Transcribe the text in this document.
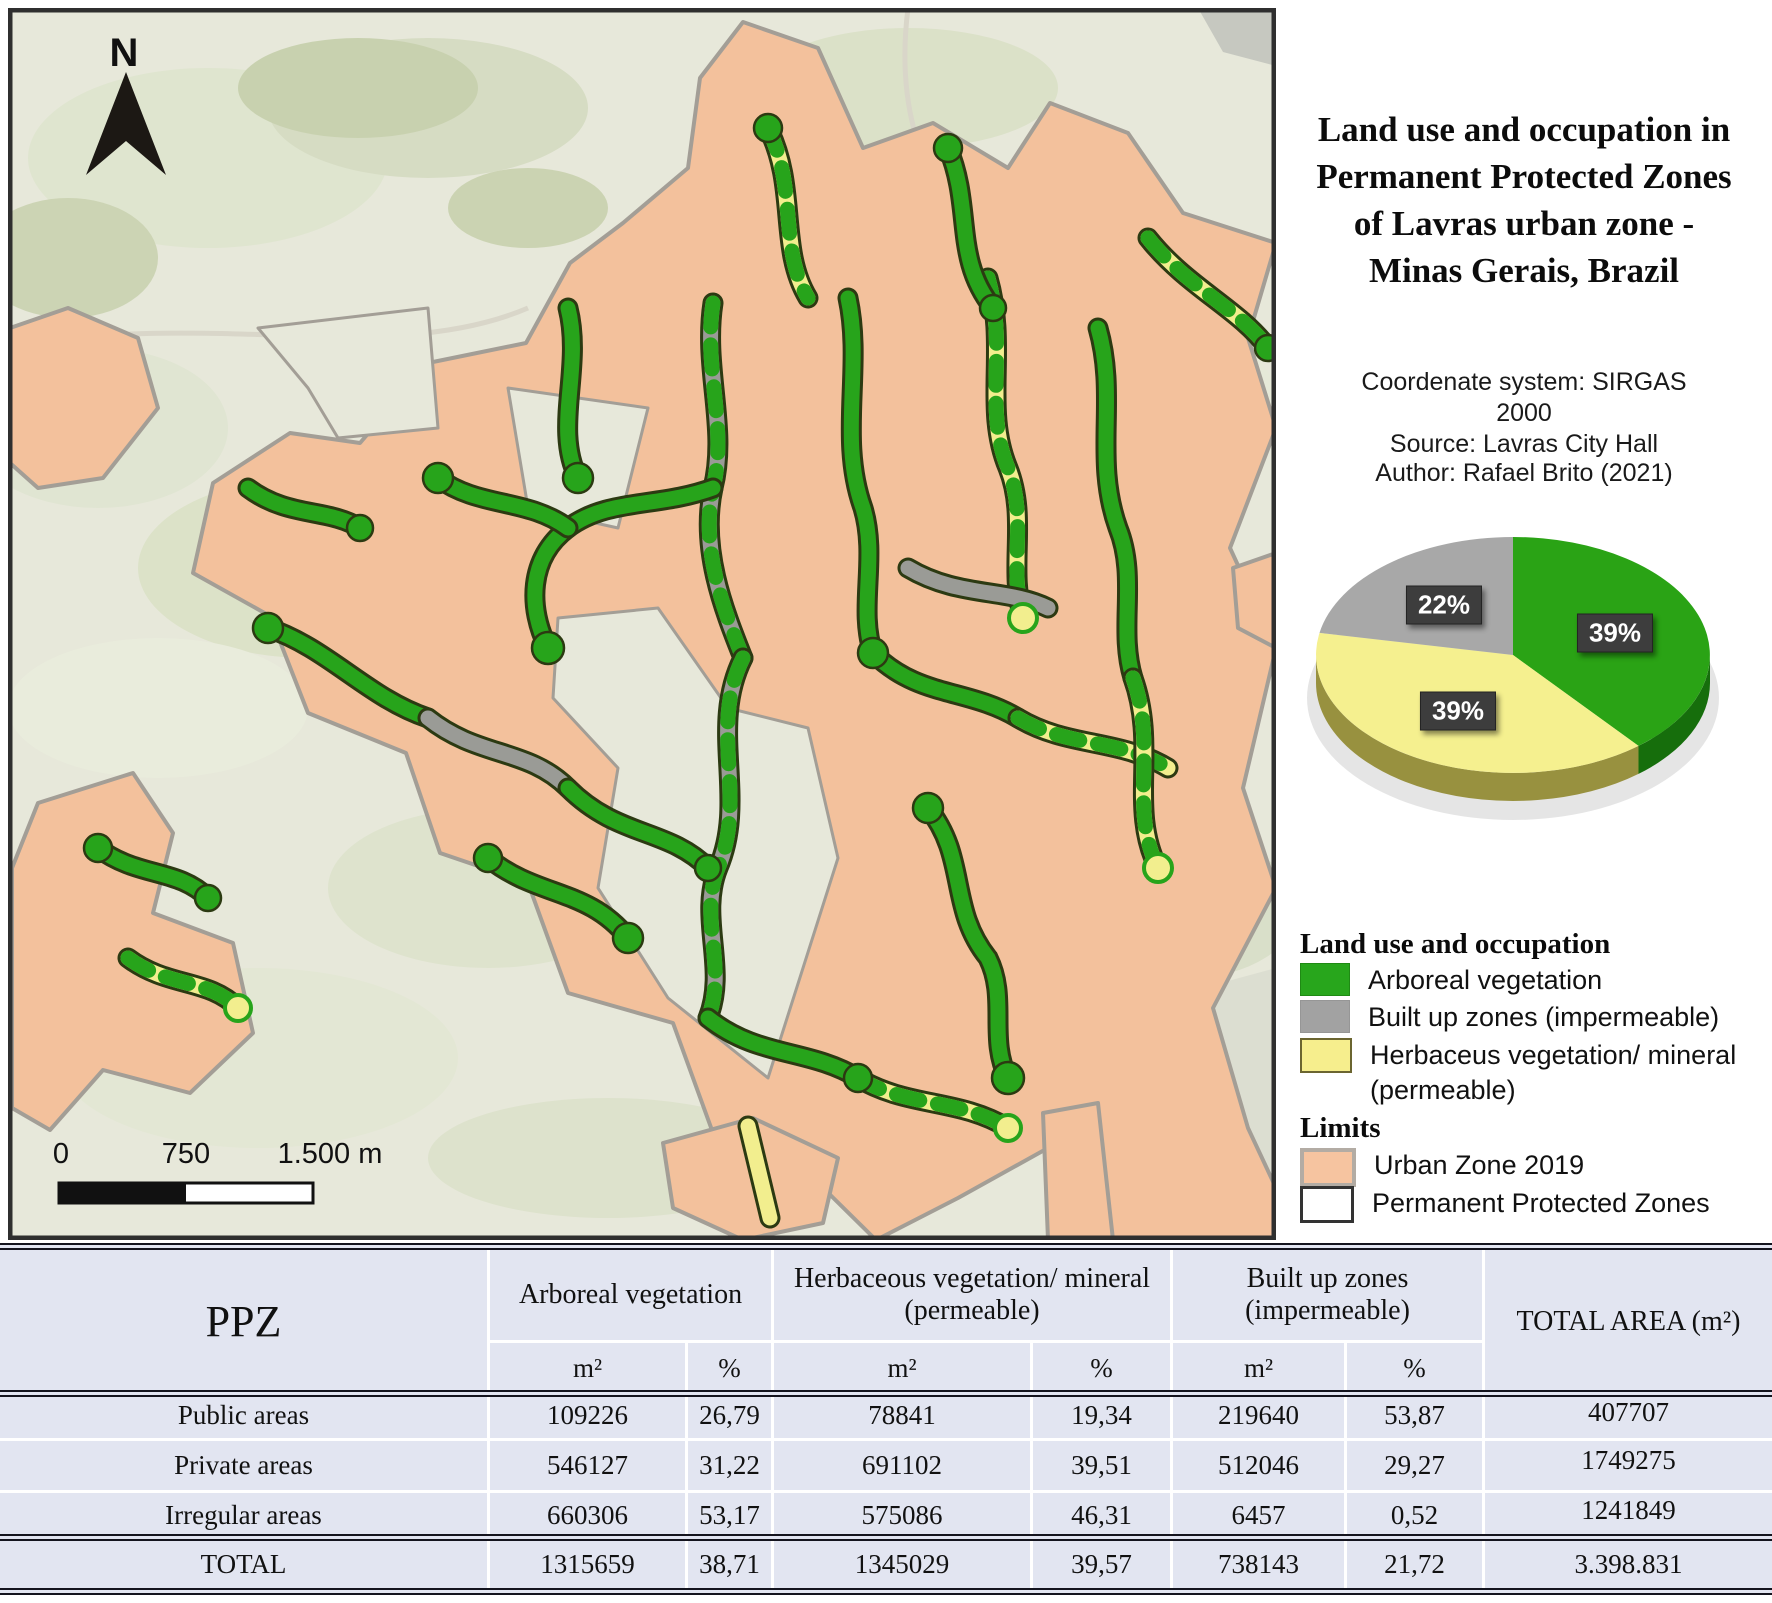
N
0	750 1.500 m
Land use and occupation in
Permanent Protected Zones
of Lavras urban zone -
Minas Gerais, Brazil
Coordenate system: SIRGAS
2000
Source: Lavras City Hall
Author: Rafael Brito (2021)
22%
39%
39%
Land use and occupation
Arboreal vegetation
Built up zones (impermeable)
Herbaceus vegetation/ mineral (permeable)
Limits
Urban Zone 2019
Permanent Protected Zones
PPZ
Arboreal vegetation
Herbaceous vegetation/ mineral (permeable)
Built up zones (impermeable)	TOTAL AREA (m²)
m²	%	m²	%	m²	%
Public areas	109226	26,79	78841	19,34	219640	53,87	407707
Private areas	546127	31,22	691102	39,51	512046	29,27	1749275
Irregular areas	660306	53,17	575086	46,31	6457	0,52	1241849
TOTAL	1315659	38,71	1345029	39,57	738143	21,72	3.398.831
